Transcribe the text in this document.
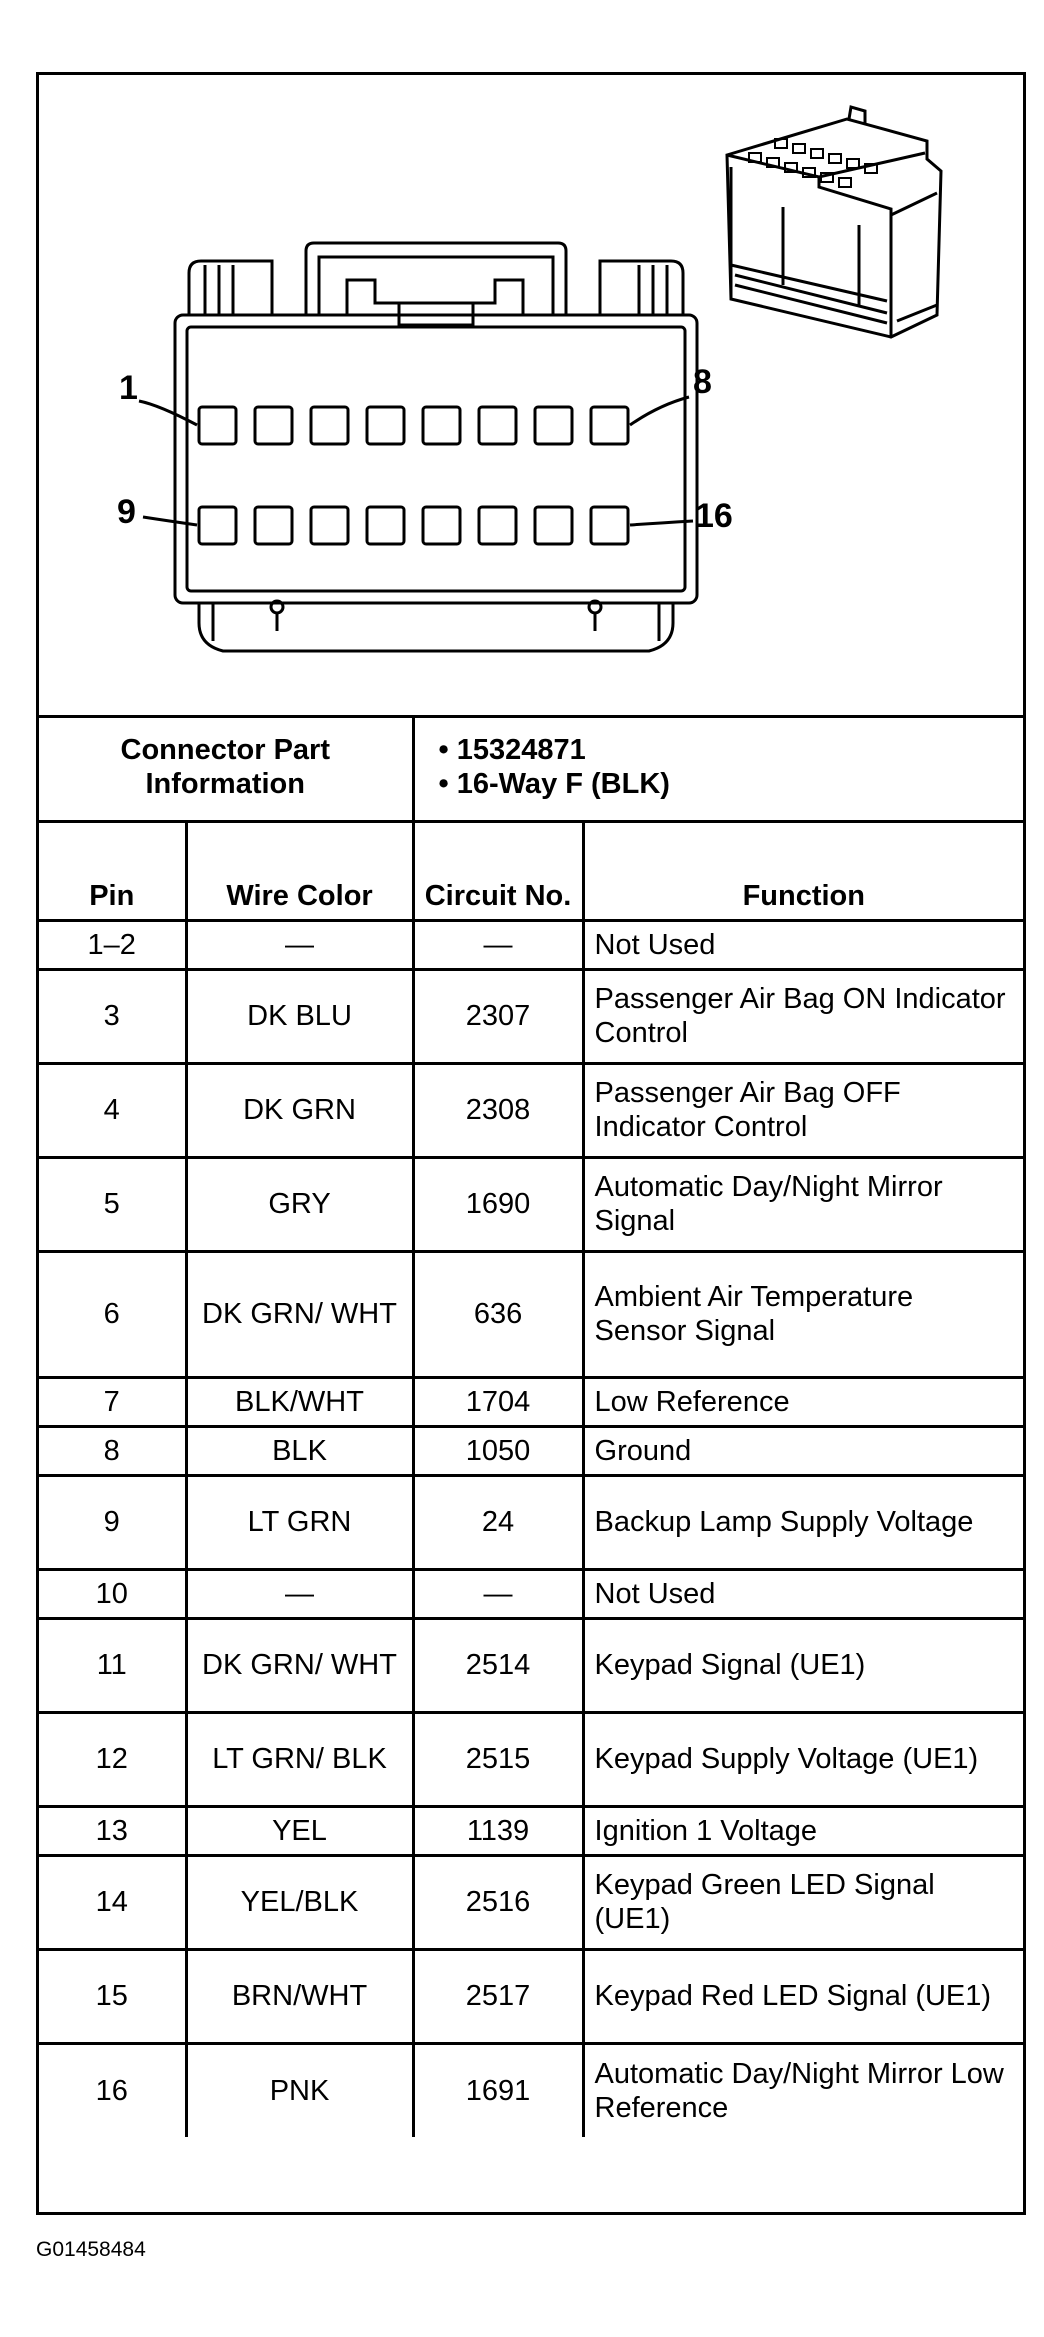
1	8
9	16
Connector Part Information		• 15324871
• 16-Way F (BLK)	

Pin	Wire Color	Circuit No.	Function
1–2	—	—	Not Used
3	DK BLU	2307	Passenger Air Bag ON Indicator Control
4	DK GRN	2308	Passenger Air Bag OFF Indicator Control
5	GRY	1690	Automatic Day/Night Mirror Signal
6	DK GRN/ WHT	636	Ambient Air Temperature Sensor Signal
7	BLK/WHT	1704	Low Reference
8	BLK	1050	Ground
9	LT GRN	24	Backup Lamp Supply Voltage
10	—	—	Not Used
11	DK GRN/ WHT	2514	Keypad Signal (UE1)
12	LT GRN/ BLK	2515	Keypad Supply Voltage (UE1)
13	YEL	1139	Ignition 1 Voltage
14	YEL/BLK	2516	Keypad Green LED Signal (UE1)
15	BRN/WHT	2517	Keypad Red LED Signal (UE1)
16	PNK	1691	Automatic Day/Night Mirror Low Reference
G01458484
